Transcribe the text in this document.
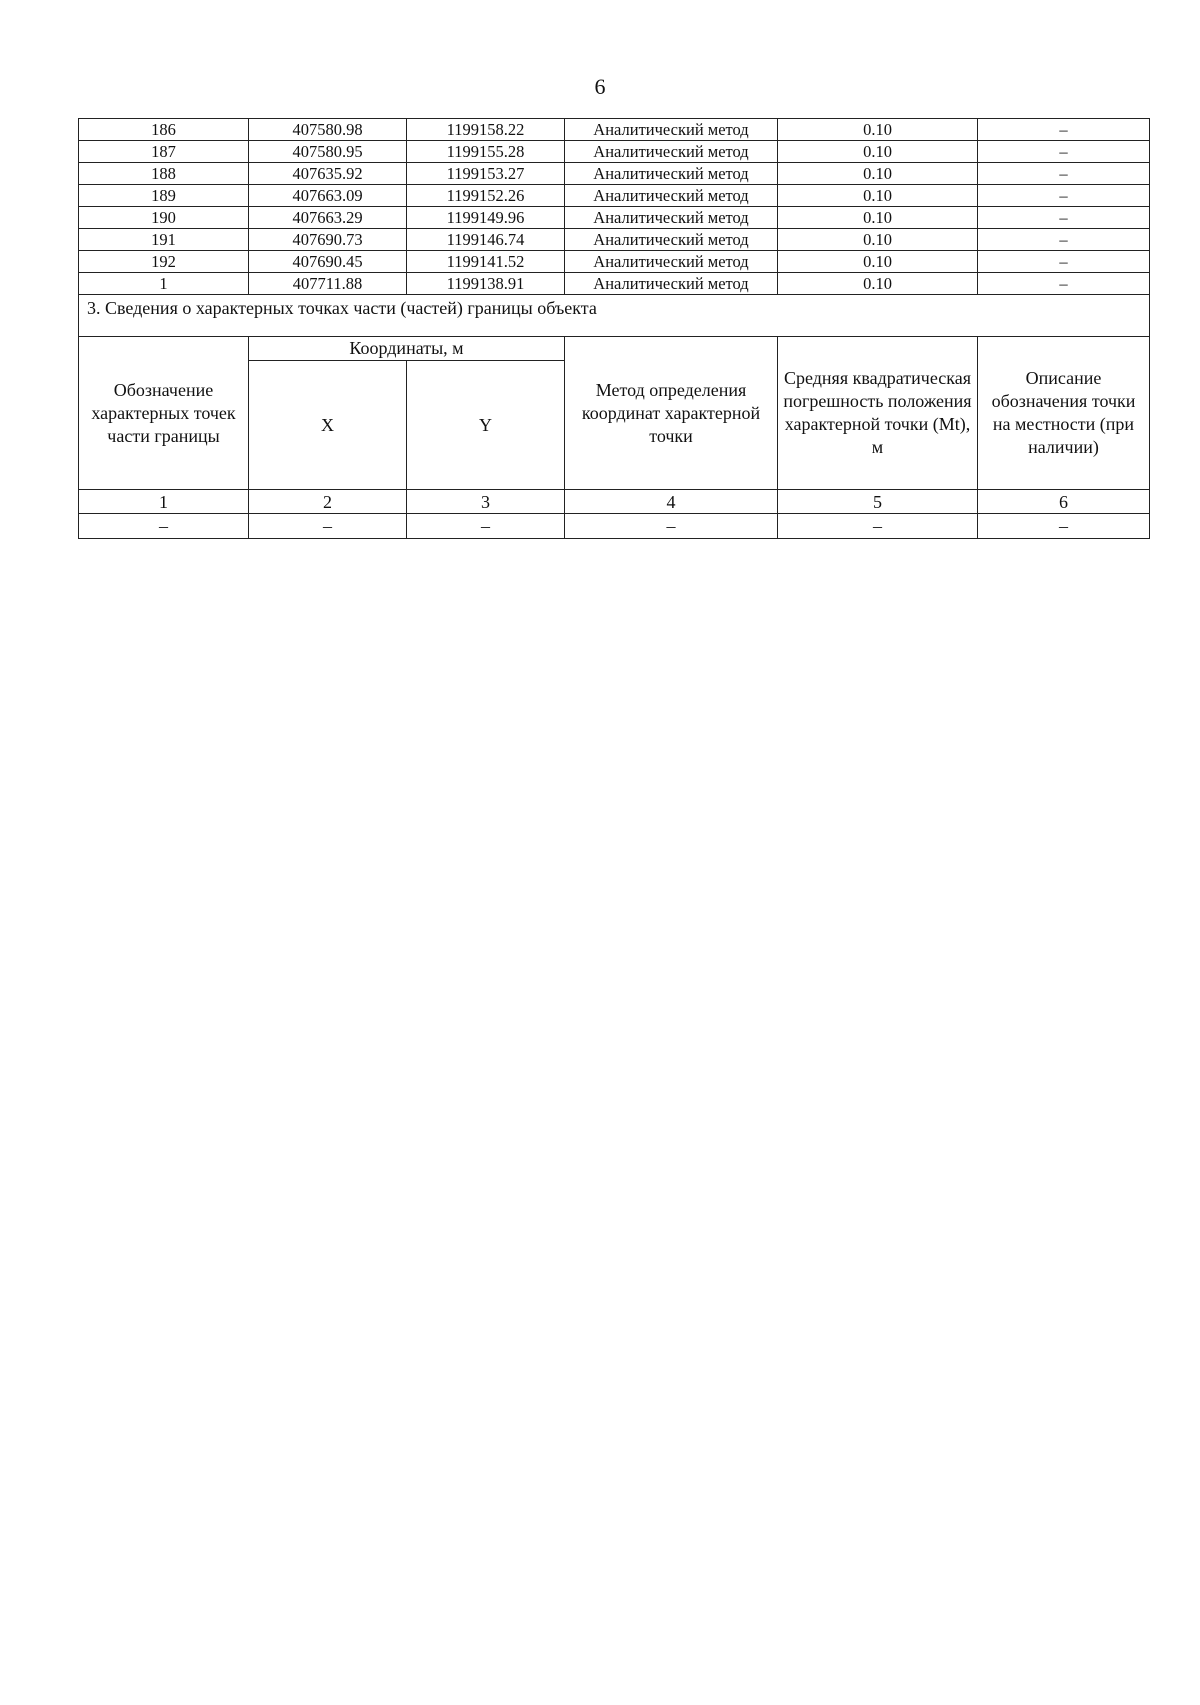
6
186	407580.98	1199158.22	Аналитический метод	0.10	–
187	407580.95	1199155.28	Аналитический метод	0.10	–
188	407635.92	1199153.27	Аналитический метод	0.10	–
189	407663.09	1199152.26	Аналитический метод	0.10	–
190	407663.29	1199149.96	Аналитический метод	0.10	–
191	407690.73	1199146.74	Аналитический метод	0.10	–
192	407690.45	1199141.52	Аналитический метод	0.10	–
1	407711.88	1199138.91	Аналитический метод	0.10	–
3. Сведения о характерных точках части (частей) границы объекта					
Обозначение характерных точек части границы	Координаты, м		Метод определения координат характерной точки	Средняя квадратическая погрешность положения характерной точки (Mt), м	Описание обозначения точки на местности (при наличии)
	X	Y			
1	2	3	4	5	6
–	–	–	–	–	–
